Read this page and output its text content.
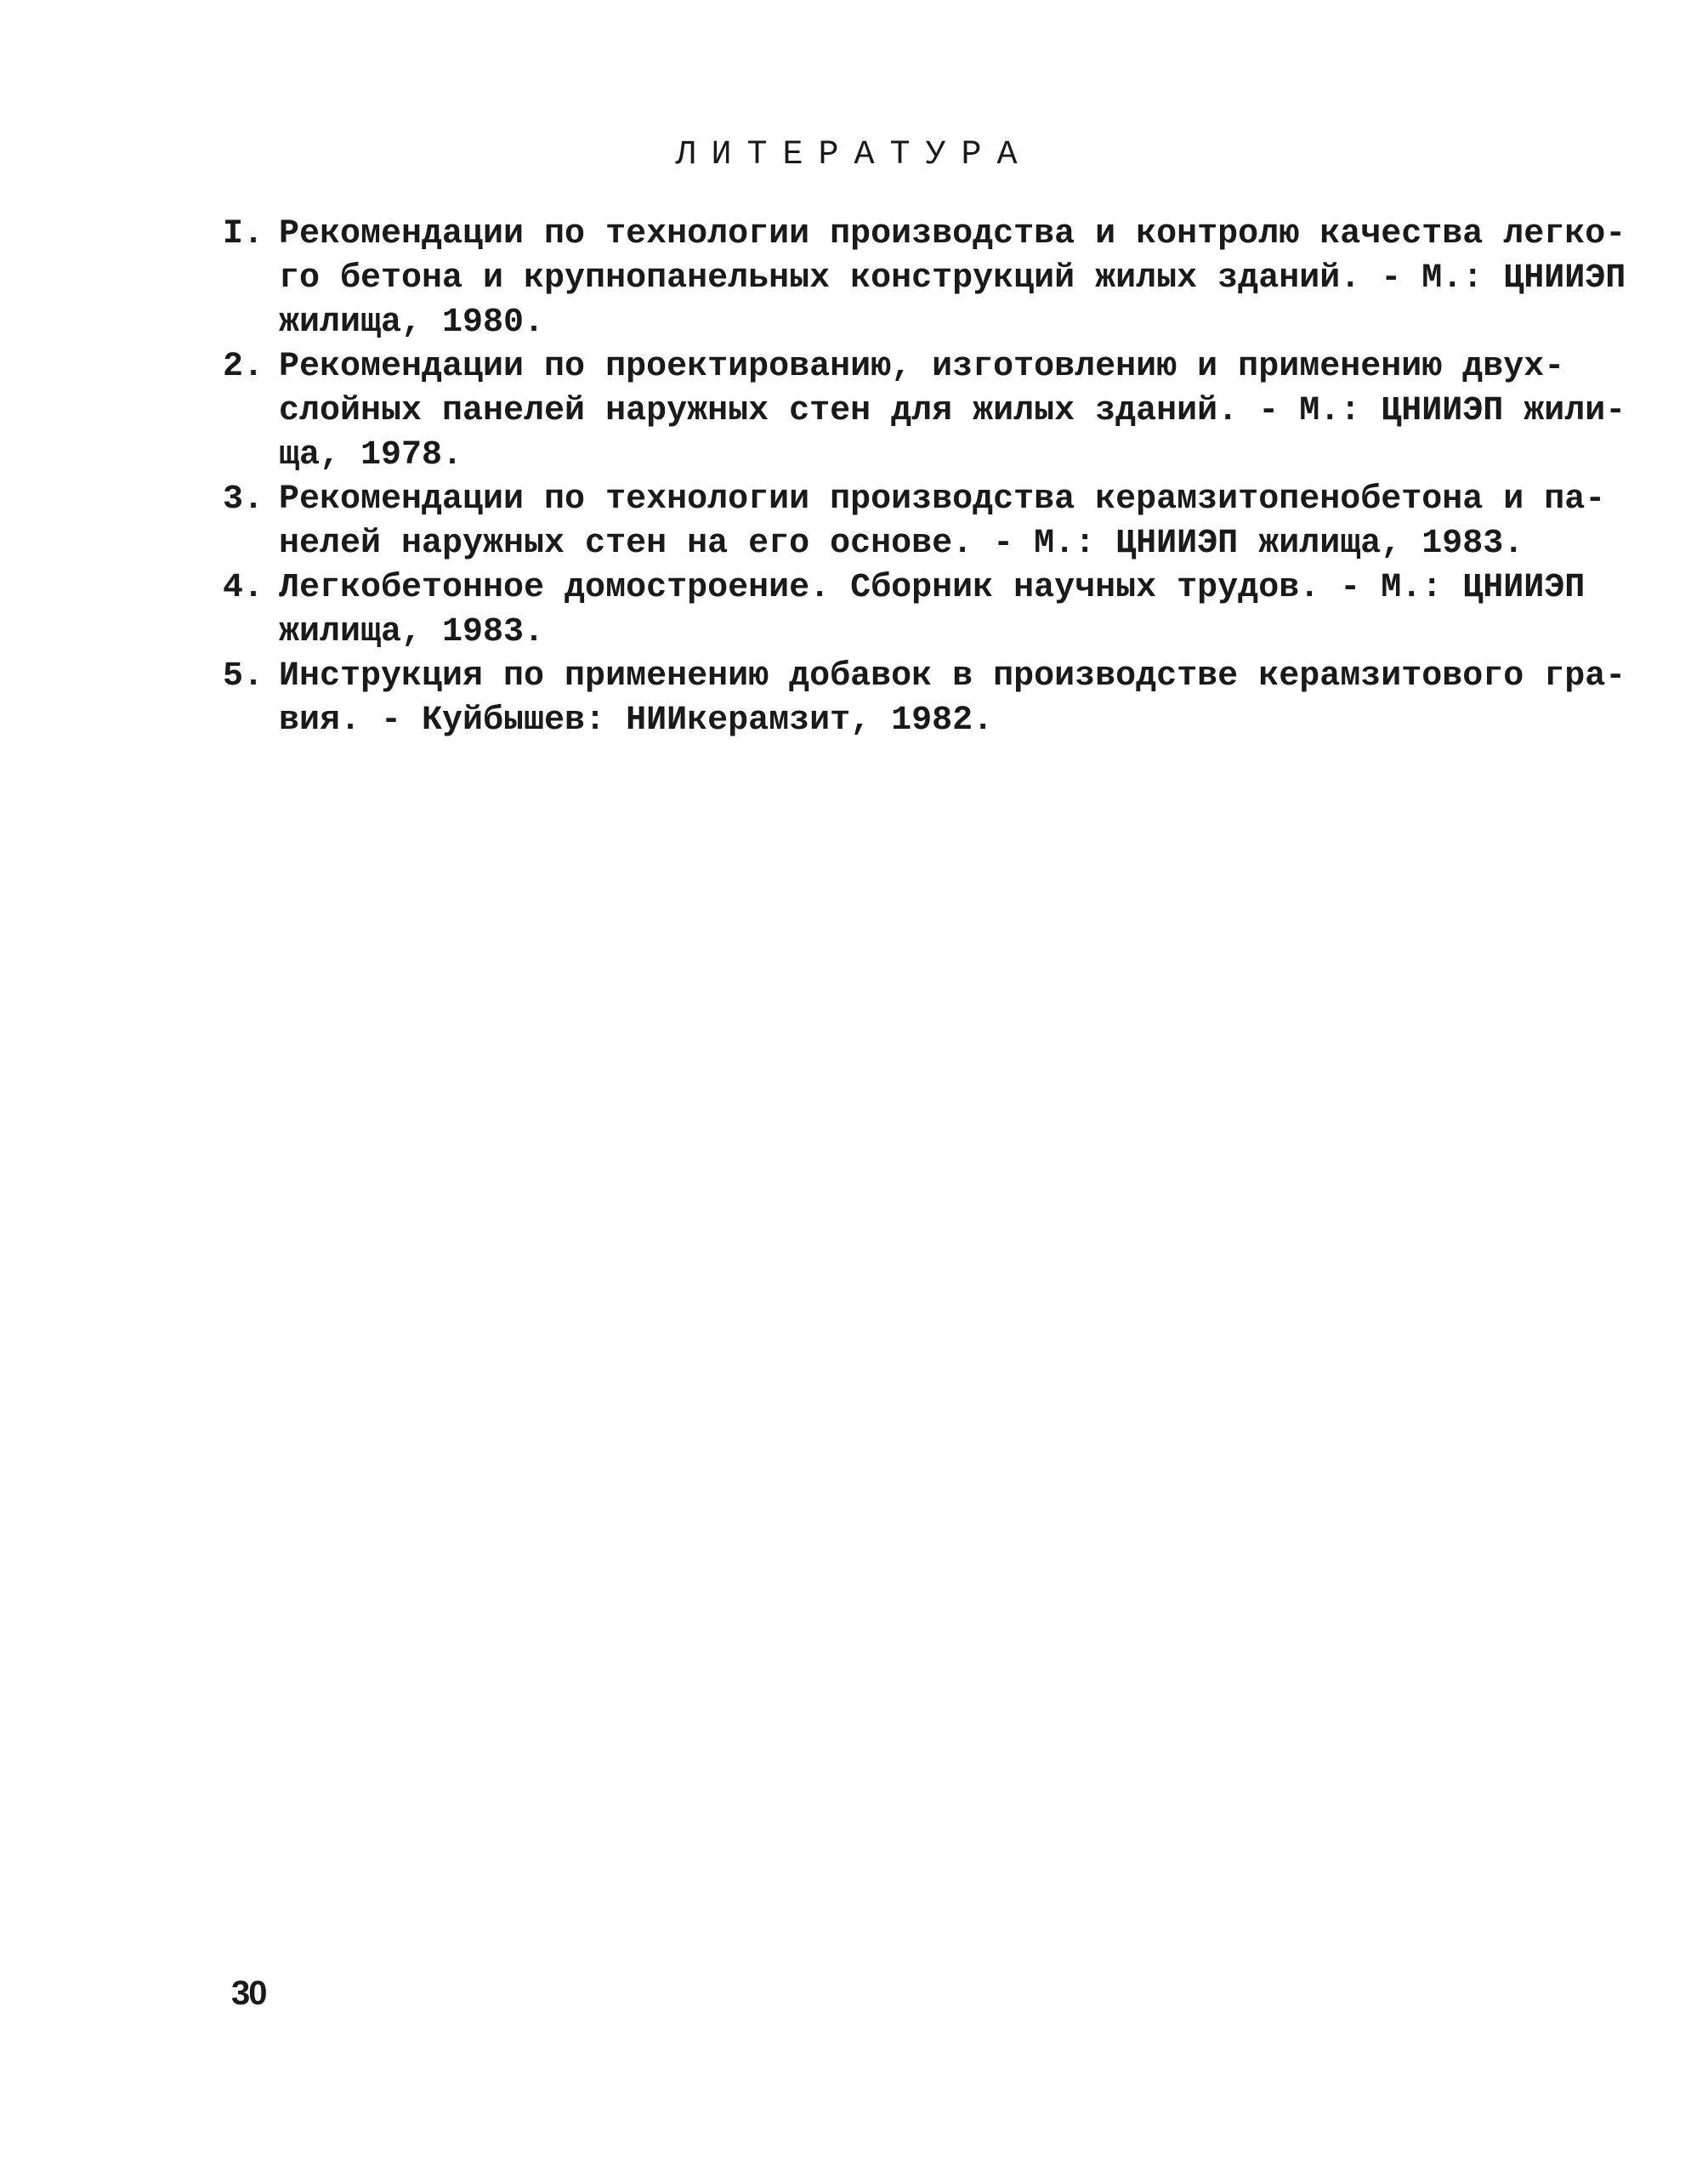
ЛИТЕРАТУРА
I. Рекомендации по технологии производства и контролю качества легко-
го бетона и крупнопанельных конструкций жилых зданий. - М.: ЦНИИЭП
жилища, 1980.
2. Рекомендации по проектированию, изготовлению и применению двух-
слойных панелей наружных стен для жилых зданий. - М.: ЦНИИЭП жили-
ща, 1978.
3. Рекомендации по технологии производства керамзитопенобетона и па-
нелей наружных стен на его основе. - М.: ЦНИИЭП жилища, 1983.
4. Легкобетонное домостроение. Сборник научных трудов. - М.: ЦНИИЭП
жилища, 1983.
5. Инструкция по применению добавок в производстве керамзитового гра-
вия. - Куйбышев: НИИкерамзит, 1982.
30
